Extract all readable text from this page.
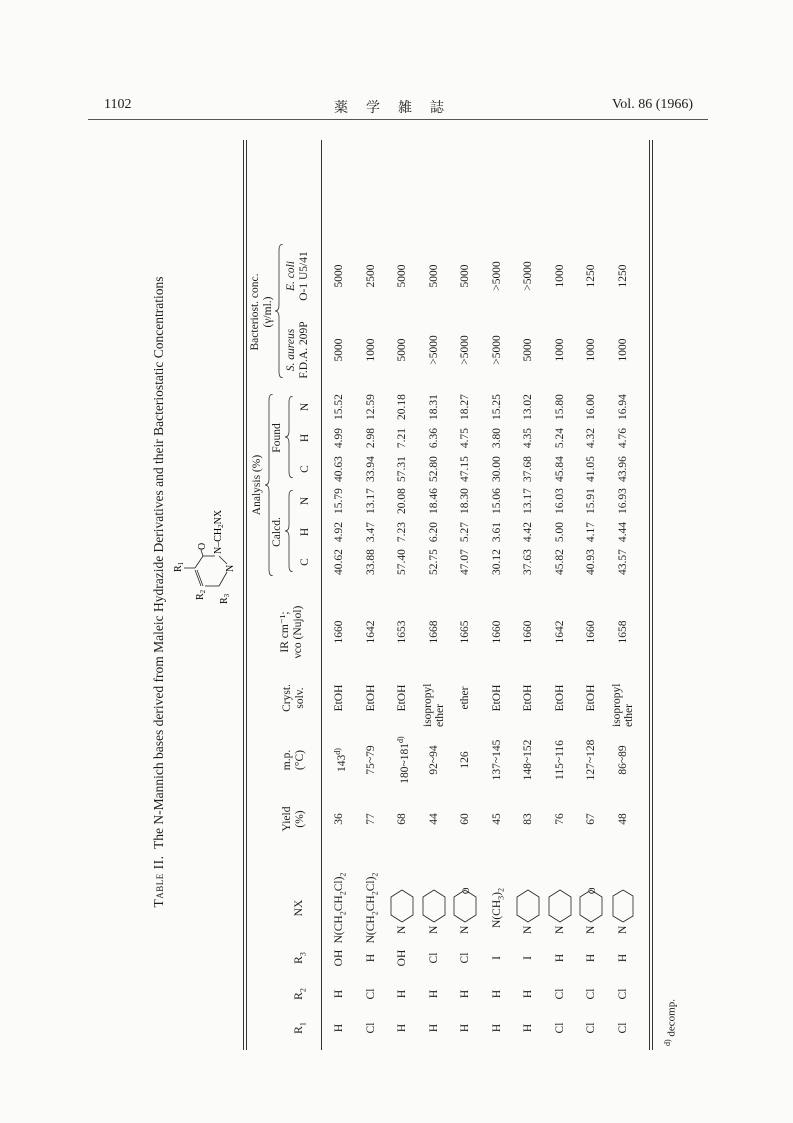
1102	薬　学　雑　誌	Vol. 86 (1966)
Table II.  The N-Mannich bases derived from Maleic Hydrazide Derivatives and their Bacteriostatic Concentrations $R_1$
$R_2$
O $N-CH_2NX$
$R_3$
N
$R_1$
$R_2$
$R_3$
NX
Yield
(%)
m.p.
(°C)
Cryst.
solv.
IR cm⁻¹;
νco (Nujol)
Analysis (%)
Calcd.
Found
C
C
H
H
N
N
Bacteriost. conc.
(γ/ml.)
S. aureus
F.D.A. 209P
E. coli
O-1 U5/41
H
H
OH
$N(CH_2CH_2Cl)_2$
36
143$^{d)}$
EtOH
1660
40.62
4.92
15.79
40.63
4.99
15.52
5000
5000
Cl
Cl
H
$N(CH_2CH_2Cl)_2$
77
75~79
EtOH
1642
33.88
3.47
13.17
33.94
2.98
12.59
1000
2500
H
H
OH
N
68
180~181$^{d)}$
EtOH
1653
57.40
7.23
20.08
57.31
7.21
20.18
5000
5000
H
H
Cl
N
44
92~94
isopropyl ether
1668
52.75
6.20
18.46
52.80
6.36
18.31
>5000
5000
H
H
Cl
N
O
60
126
ether
1665
47.07
5.27
18.30
47.15
4.75
18.27
>5000
5000
H
H
I
$N(CH_3)_2$
45
137~145
EtOH
1660
30.12
3.61
15.06
30.00
3.80
15.25
>5000
>5000
H
H
I
N
83
148~152
EtOH
1660
37.63
4.42
13.17
37.68
4.35
13.02
5000
>5000
Cl
Cl
H
N
76
115~116
EtOH
1642
45.82
5.00
16.03
45.84
5.24
15.80
1000
1000
Cl
Cl
H
N
O
67
127~128
EtOH
1660
40.93
4.17
15.91
41.05
4.32
16.00
1000
1250
Cl
Cl
H
N
48
86~89
isopropyl ether
1658
43.57
4.44
16.93
43.96
4.76
16.94
1000
1250
$^{d)}$ decomp.
